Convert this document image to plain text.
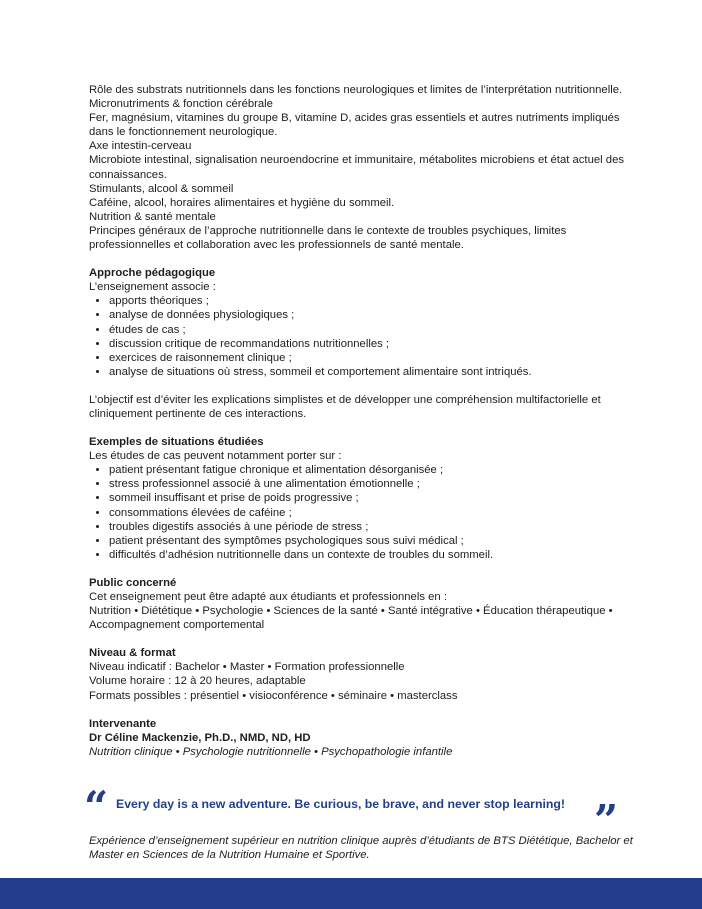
Rôle des substrats nutritionnels dans les fonctions neurologiques et limites de l’interprétation nutritionnelle.

Micronutriments & fonction cérébrale

Fer, magnésium, vitamines du groupe B, vitamine D, acides gras essentiels et autres nutriments impliqués dans le fonctionnement neurologique.

Axe intestin-cerveau

Microbiote intestinal, signalisation neuroendocrine et immunitaire, métabolites microbiens et état actuel des connaissances.

Stimulants, alcool & sommeil

Caféine, alcool, horaires alimentaires et hygiène du sommeil.

Nutrition & santé mentale

Principes généraux de l’approche nutritionnelle dans le contexte de troubles psychiques, limites professionnelles et collaboration avec les professionnels de santé mentale.

Approche pédagogique

L’enseignement associe :

• apports théoriques ;
• analyse de données physiologiques ;
• études de cas ;
• discussion critique de recommandations nutritionnelles ;
• exercices de raisonnement clinique ;
• analyse de situations où stress, sommeil et comportement alimentaire sont intriqués.

L’objectif est d’éviter les explications simplistes et de développer une compréhension multifactorielle et cliniquement pertinente de ces interactions.

Exemples de situations étudiées

Les études de cas peuvent notamment porter sur :

• patient présentant fatigue chronique et alimentation désorganisée ;
• stress professionnel associé à une alimentation émotionnelle ;
• sommeil insuffisant et prise de poids progressive ;
• consommations élevées de caféine ;
• troubles digestifs associés à une période de stress ;
• patient présentant des symptômes psychologiques sous suivi médical ;
• difficultés d’adhésion nutritionnelle dans un contexte de troubles du sommeil.

Public concerné

Cet enseignement peut être adapté aux étudiants et professionnels en :

Nutrition • Diététique • Psychologie • Sciences de la santé • Santé intégrative • Éducation thérapeutique • Accompagnement comportemental

Niveau & format

Niveau indicatif : Bachelor • Master • Formation professionnelle

Volume horaire : 12 à 20 heures, adaptable

Formats possibles : présentiel • visioconférence • séminaire • masterclass

Intervenante

Dr Céline Mackenzie, Ph.D., NMD, ND, HD

Nutrition clinique • Psychologie nutritionnelle • Psychopathologie infantile

“ Every day is a new adventure. Be curious, be brave, and never stop learning! ”

Expérience d’enseignement supérieur en nutrition clinique auprès d’étudiants de BTS Diététique, Bachelor et Master en Sciences de la Nutrition Humaine et Sportive.
